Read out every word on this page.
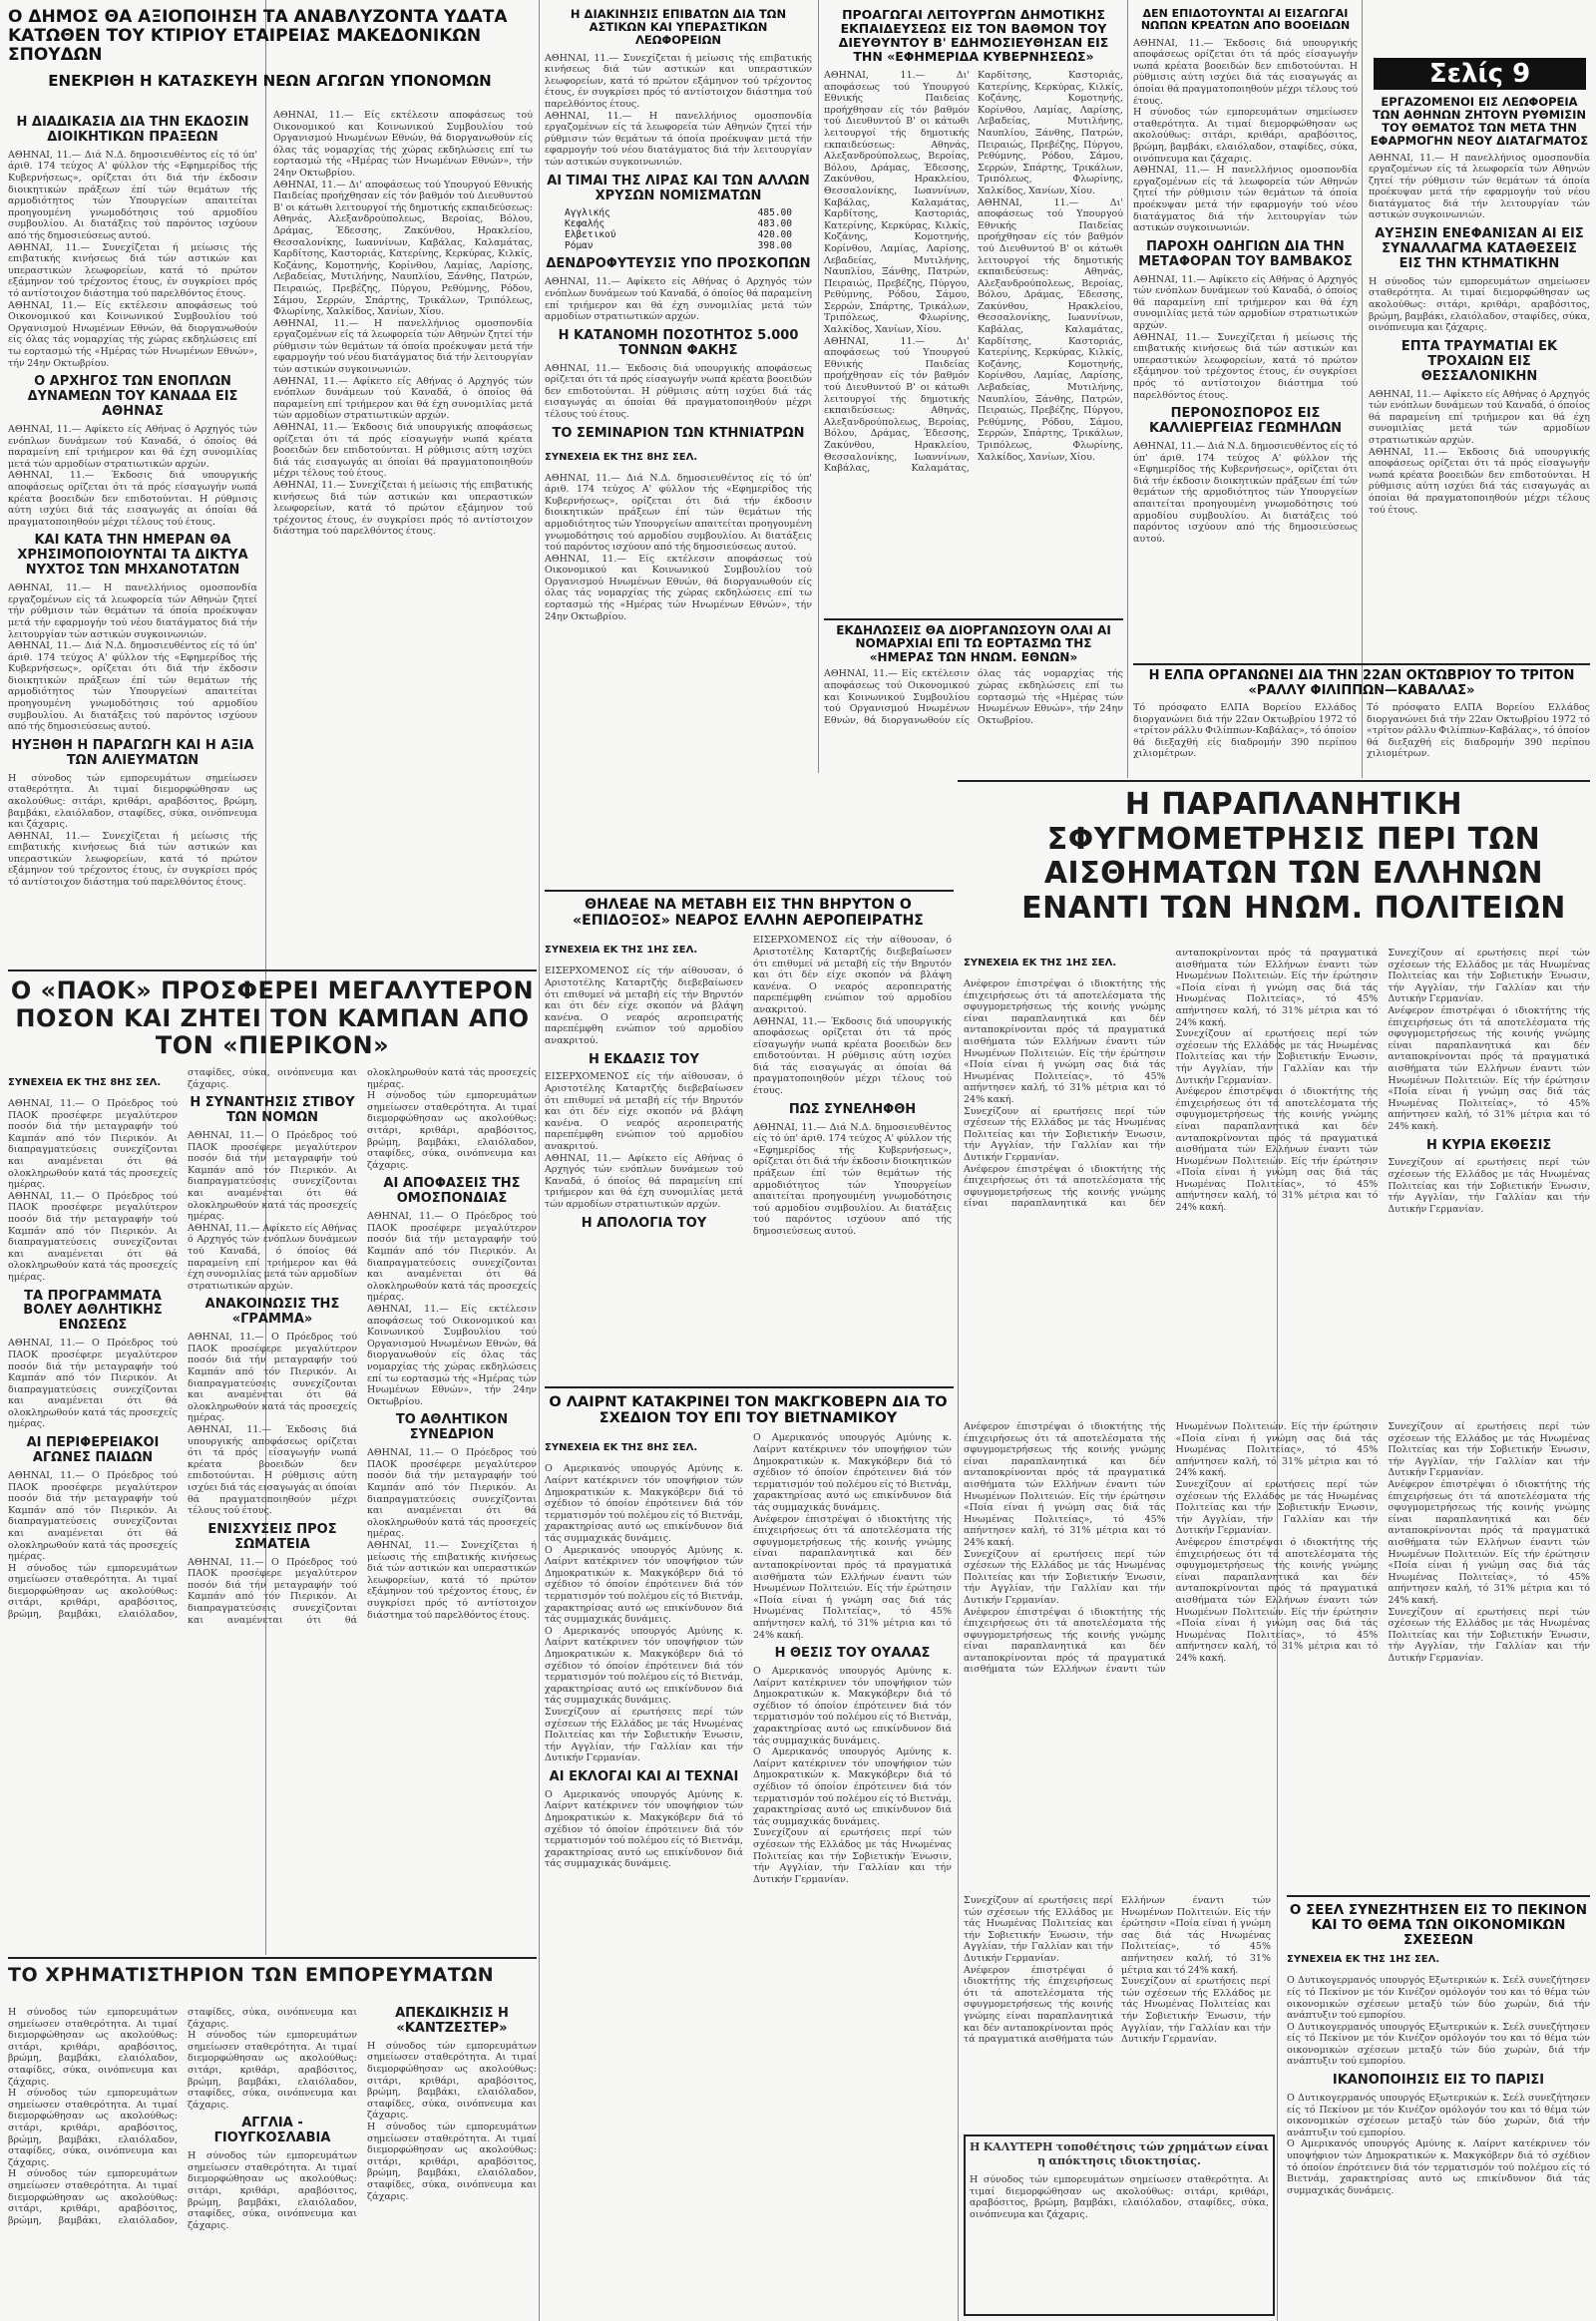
Σελίς 9

Ο ΔΗΜΟΣ ΘΑ ΑΞΙΟΠΟΙΗΣΗ ΤΑ ΑΝΑΒΛΥΖΟΝΤΑ ΥΔΑΤΑ ΚΑΤΩΘΕΝ ΤΟΥ ΚΤΙΡΙΟΥ ΕΤΑΙΡΕΙΑΣ ΜΑΚΕΔΟΝΙΚΩΝ ΣΠΟΥΔΩΝ

ΕΝΕΚΡΙΘΗ Η ΚΑΤΑΣΚΕΥΗ ΝΕΩΝ ΑΓΩΓΩΝ ΥΠΟΝΟΜΩΝ

Η ΔΙΑΔΙΚΑΣΙΑ ΔΙΑ ΤΗΝ ΕΚΔΟΣΙΝ ΔΙΟΙΚΗΤΙΚΩΝ ΠΡΑΞΕΩΝ

ΑΘΗΝΑΙ, 11.— Διά Ν.Δ. δημοσιευθέντος είς τό ύπ' άριθ. 174 τεύχος Α' φύλλον τής «Εφημερίδος τής Κυβερνήσεως», ορίζεται ότι διά τήν έκδοσιν διοικητικών πράξεων έπί τών θεμάτων τής αρμοδιότητος τών Υπουργείων απαιτείται προηγουμένη γνωμοδότησις τού αρμοδίου συμβουλίου. Αι διατάξεις τού παρόντος ισχύουν από τής δημοσιεύσεως αυτού.

ΑΘΗΝΑΙ, 11.— Συνεχίζεται ή μείωσις τής επιβατικής κινήσεως διά τών αστικών και υπεραστικών λεωφορείων, κατά τό πρώτον εξάμηνον τού τρέχοντος έτους, έν συγκρίσει πρός τό αντίστοιχον διάστημα τού παρελθόντος έτους.

ΑΘΗΝΑΙ, 11.— Είς εκτέλεσιν αποφάσεως τού Οικονομικού και Κοινωνικού Συμβουλίου τού Οργανισμού Ηνωμένων Εθνών, θά διοργανωθούν είς όλας τάς νομαρχίας τής χώρας εκδηλώσεις επί τω εορτασμώ τής «Ημέρας τών Ηνωμένων Εθνών», τήν 24ην Οκτωβρίου.

Ο ΑΡΧΗΓΟΣ ΤΩΝ ΕΝΟΠΛΩΝ ΔΥΝΑΜΕΩΝ ΤΟΥ ΚΑΝΑΔΑ ΕΙΣ ΑΘΗΝΑΣ

ΑΘΗΝΑΙ, 11.— Αφίκετο είς Αθήνας ό Αρχηγός τών ενόπλων δυνάμεων τού Καναδά, ό όποίος θά παραμείνη επί τριήμερον και θά έχη συνομιλίας μετά τών αρμοδίων στρατιωτικών αρχών.

ΑΘΗΝΑΙ, 11.— Έκδοσις διά υπουργικής αποφάσεως ορίζεται ότι τά πρός είσαγωγήν νωπά κρέατα βοοειδών δεν επιδοτούνται. Η ρύθμισις αύτη ισχύει διά τάς εισαγωγάς αι όποίαι θά πραγματοποιηθούν μέχρι τέλους τού έτους.

ΚΑΙ ΚΑΤΑ ΤΗΝ ΗΜΕΡΑΝ ΘΑ ΧΡΗΣΙΜΟΠΟΙΟΥΝΤΑΙ ΤΑ ΔΙΚΤΥΑ ΝΥΧΤΟΣ ΤΩΝ ΜΗΧΑΝΟΤΑΤΩΝ

ΑΘΗΝΑΙ, 11.— Η πανελλήνιος ομοσπονδία εργαζομένων είς τά λεωφορεία τών Αθηνών ζητεί τήν ρύθμισιν τών θεμάτων τά όποία προέκυψαν μετά τήν εφαρμογήν τού νέου διατάγματος διά τήν λειτουργίαν τών αστικών συγκοινωνιών.

ΑΘΗΝΑΙ, 11.— Διά Ν.Δ. δημοσιευθέντος είς τό ύπ' άριθ. 174 τεύχος Α' φύλλον τής «Εφημερίδος τής Κυβερνήσεως», ορίζεται ότι διά τήν έκδοσιν διοικητικών πράξεων έπί τών θεμάτων τής αρμοδιότητος τών Υπουργείων απαιτείται προηγουμένη γνωμοδότησις τού αρμοδίου συμβουλίου. Αι διατάξεις τού παρόντος ισχύουν από τής δημοσιεύσεως αυτού.

ΗΥΞΗΘΗ Η ΠΑΡΑΓΩΓΗ ΚΑΙ Η ΑΞΙΑ ΤΩΝ ΑΛΙΕΥΜΑΤΩΝ

Η σύνοδος τών εμπορευμάτων σημείωσεν σταθερότητα. Αι τιμαί διεμορφώθησαν ως ακολούθως: σιτάρι, κριθάρι, αραβόσιτος, βρώμη, βαμβάκι, ελαιόλαδον, σταφίδες, σύκα, οινόπνευμα και ζάχαρις.

ΑΘΗΝΑΙ, 11.— Συνεχίζεται ή μείωσις τής επιβατικής κινήσεως διά τών αστικών και υπεραστικών λεωφορείων, κατά τό πρώτον εξάμηνον τού τρέχοντος έτους, έν συγκρίσει πρός τό αντίστοιχον διάστημα τού παρελθόντος έτους.

ΑΘΗΝΑΙ, 11.— Είς εκτέλεσιν αποφάσεως τού Οικονομικού και Κοινωνικού Συμβουλίου τού Οργανισμού Ηνωμένων Εθνών, θά διοργανωθούν είς όλας τάς νομαρχίας τής χώρας εκδηλώσεις επί τω εορτασμώ τής «Ημέρας τών Ηνωμένων Εθνών», τήν 24ην Οκτωβρίου.

ΑΘΗΝΑΙ, 11.— Δι' αποφάσεως τού Υπουργού Εθνικής Παιδείας προήχθησαν είς τόν βαθμόν τού Διευθυντού Β' οι κάτωθι λειτουργοί τής δημοτικής εκπαιδεύσεως: Αθηνάς, Αλεξανδρούπολεως, Βεροίας, Βόλου, Δράμας, Έδεσσης, Ζακύνθου, Ηρακλείου, Θεσσαλονίκης, Ιωαννίνων, Καβάλας, Καλαμάτας, Καρδίτσης, Καστοριάς, Κατερίνης, Κερκύρας, Κιλκίς, Κοζάνης, Κομοτηνής, Κορίνθου, Λαμίας, Λαρίσης, Λεβαδείας, Μυτιλήνης, Ναυπλίου, Ξάνθης, Πατρών, Πειραιώς, Πρεβέζης, Πύργου, Ρεθύμνης, Ρόδου, Σάμου, Σερρών, Σπάρτης, Τρικάλων, Τριπόλεως, Φλωρίνης, Χαλκίδος, Χανίων, Χίου.

ΑΘΗΝΑΙ, 11.— Η πανελλήνιος ομοσπονδία εργαζομένων είς τά λεωφορεία τών Αθηνών ζητεί τήν ρύθμισιν τών θεμάτων τά όποία προέκυψαν μετά τήν εφαρμογήν τού νέου διατάγματος διά τήν λειτουργίαν τών αστικών συγκοινωνιών.

ΑΘΗΝΑΙ, 11.— Αφίκετο είς Αθήνας ό Αρχηγός τών ενόπλων δυνάμεων τού Καναδά, ό όποίος θά παραμείνη επί τριήμερον και θά έχη συνομιλίας μετά τών αρμοδίων στρατιωτικών αρχών.

ΑΘΗΝΑΙ, 11.— Έκδοσις διά υπουργικής αποφάσεως ορίζεται ότι τά πρός είσαγωγήν νωπά κρέατα βοοειδών δεν επιδοτούνται. Η ρύθμισις αύτη ισχύει διά τάς εισαγωγάς αι όποίαι θά πραγματοποιηθούν μέχρι τέλους τού έτους.

ΑΘΗΝΑΙ, 11.— Συνεχίζεται ή μείωσις τής επιβατικής κινήσεως διά τών αστικών και υπεραστικών λεωφορείων, κατά τό πρώτον εξάμηνον τού τρέχοντος έτους, έν συγκρίσει πρός τό αντίστοιχον διάστημα τού παρελθόντος έτους.

Η ΔΙΑΚΙΝΗΣΙΣ ΕΠΙΒΑΤΩΝ ΔΙΑ ΤΩΝ ΑΣΤΙΚΩΝ ΚΑΙ ΥΠΕΡΑΣΤΙΚΩΝ ΛΕΩΦΟΡΕΙΩΝ

ΑΘΗΝΑΙ, 11.— Συνεχίζεται ή μείωσις τής επιβατικής κινήσεως διά τών αστικών και υπεραστικών λεωφορείων, κατά τό πρώτον εξάμηνον τού τρέχοντος έτους, έν συγκρίσει πρός τό αντίστοιχον διάστημα τού παρελθόντος έτους.

ΑΘΗΝΑΙ, 11.— Η πανελλήνιος ομοσπονδία εργαζομένων είς τά λεωφορεία τών Αθηνών ζητεί τήν ρύθμισιν τών θεμάτων τά όποία προέκυψαν μετά τήν εφαρμογήν τού νέου διατάγματος διά τήν λειτουργίαν τών αστικών συγκοινωνιών.

ΑΙ ΤΙΜΑΙ ΤΗΣ ΛΙΡΑΣ ΚΑΙ ΤΩΝ ΑΛΛΩΝ ΧΡΥΣΩΝ ΝΟΜΙΣΜΑΤΩΝ

Αγγλικής	485.00
Κεφαλής	483.00
Ελβετικού	420.00
Ρόμαν	398.00

ΔΕΝΔΡΟΦΥΤΕΥΣΙΣ ΥΠΟ ΠΡΟΣΚΟΠΩΝ

ΑΘΗΝΑΙ, 11.— Αφίκετο είς Αθήνας ό Αρχηγός τών ενόπλων δυνάμεων τού Καναδά, ό όποίος θά παραμείνη επί τριήμερον και θά έχη συνομιλίας μετά τών αρμοδίων στρατιωτικών αρχών.

Η ΚΑΤΑΝΟΜΗ ΠΟΣΟΤΗΤΟΣ 5.000 ΤΟΝΝΩΝ ΦΑΚΗΣ

ΑΘΗΝΑΙ, 11.— Έκδοσις διά υπουργικής αποφάσεως ορίζεται ότι τά πρός είσαγωγήν νωπά κρέατα βοοειδών δεν επιδοτούνται. Η ρύθμισις αύτη ισχύει διά τάς εισαγωγάς αι όποίαι θά πραγματοποιηθούν μέχρι τέλους τού έτους.

ΤΟ ΣΕΜΙΝΑΡΙΟΝ ΤΩΝ ΚΤΗΝΙΑΤΡΩΝ

ΣΥΝΕΧΕΙΑ ΕΚ ΤΗΣ 8ΗΣ ΣΕΛ.

ΑΘΗΝΑΙ, 11.— Διά Ν.Δ. δημοσιευθέντος είς τό ύπ' άριθ. 174 τεύχος Α' φύλλον τής «Εφημερίδος τής Κυβερνήσεως», ορίζεται ότι διά τήν έκδοσιν διοικητικών πράξεων έπί τών θεμάτων τής αρμοδιότητος τών Υπουργείων απαιτείται προηγουμένη γνωμοδότησις τού αρμοδίου συμβουλίου. Αι διατάξεις τού παρόντος ισχύουν από τής δημοσιεύσεως αυτού.

ΑΘΗΝΑΙ, 11.— Είς εκτέλεσιν αποφάσεως τού Οικονομικού και Κοινωνικού Συμβουλίου τού Οργανισμού Ηνωμένων Εθνών, θά διοργανωθούν είς όλας τάς νομαρχίας τής χώρας εκδηλώσεις επί τω εορτασμώ τής «Ημέρας τών Ηνωμένων Εθνών», τήν 24ην Οκτωβρίου.

ΠΡΟΑΓΩΓΑΙ ΛΕΙΤΟΥΡΓΩΝ ΔΗΜΟΤΙΚΗΣ ΕΚΠΑΙΔΕΥΣΕΩΣ ΕΙΣ ΤΟΝ ΒΑΘΜΟΝ ΤΟΥ ΔΙΕΥΘΥΝΤΟΥ Β' ΕΔΗΜΟΣΙΕΥΘΗΣΑΝ ΕΙΣ ΤΗΝ «ΕΦΗΜΕΡΙΔΑ ΚΥΒΕΡΝΗΣΕΩΣ»

ΑΘΗΝΑΙ, 11.— Δι' αποφάσεως τού Υπουργού Εθνικής Παιδείας προήχθησαν είς τόν βαθμόν τού Διευθυντού Β' οι κάτωθι λειτουργοί τής δημοτικής εκπαιδεύσεως: Αθηνάς, Αλεξανδρούπολεως, Βεροίας, Βόλου, Δράμας, Έδεσσης, Ζακύνθου, Ηρακλείου, Θεσσαλονίκης, Ιωαννίνων, Καβάλας, Καλαμάτας, Καρδίτσης, Καστοριάς, Κατερίνης, Κερκύρας, Κιλκίς, Κοζάνης, Κομοτηνής, Κορίνθου, Λαμίας, Λαρίσης, Λεβαδείας, Μυτιλήνης, Ναυπλίου, Ξάνθης, Πατρών, Πειραιώς, Πρεβέζης, Πύργου, Ρεθύμνης, Ρόδου, Σάμου, Σερρών, Σπάρτης, Τρικάλων, Τριπόλεως, Φλωρίνης, Χαλκίδος, Χανίων, Χίου.

ΑΘΗΝΑΙ, 11.— Δι' αποφάσεως τού Υπουργού Εθνικής Παιδείας προήχθησαν είς τόν βαθμόν τού Διευθυντού Β' οι κάτωθι λειτουργοί τής δημοτικής εκπαιδεύσεως: Αθηνάς, Αλεξανδρούπολεως, Βεροίας, Βόλου, Δράμας, Έδεσσης, Ζακύνθου, Ηρακλείου, Θεσσαλονίκης, Ιωαννίνων, Καβάλας, Καλαμάτας, Καρδίτσης, Καστοριάς, Κατερίνης, Κερκύρας, Κιλκίς, Κοζάνης, Κομοτηνής, Κορίνθου, Λαμίας, Λαρίσης, Λεβαδείας, Μυτιλήνης, Ναυπλίου, Ξάνθης, Πατρών, Πειραιώς, Πρεβέζης, Πύργου, Ρεθύμνης, Ρόδου, Σάμου, Σερρών, Σπάρτης, Τρικάλων, Τριπόλεως, Φλωρίνης, Χαλκίδος, Χανίων, Χίου.

ΑΘΗΝΑΙ, 11.— Δι' αποφάσεως τού Υπουργού Εθνικής Παιδείας προήχθησαν είς τόν βαθμόν τού Διευθυντού Β' οι κάτωθι λειτουργοί τής δημοτικής εκπαιδεύσεως: Αθηνάς, Αλεξανδρούπολεως, Βεροίας, Βόλου, Δράμας, Έδεσσης, Ζακύνθου, Ηρακλείου, Θεσσαλονίκης, Ιωαννίνων, Καβάλας, Καλαμάτας, Καρδίτσης, Καστοριάς, Κατερίνης, Κερκύρας, Κιλκίς, Κοζάνης, Κομοτηνής, Κορίνθου, Λαμίας, Λαρίσης, Λεβαδείας, Μυτιλήνης, Ναυπλίου, Ξάνθης, Πατρών, Πειραιώς, Πρεβέζης, Πύργου, Ρεθύμνης, Ρόδου, Σάμου, Σερρών, Σπάρτης, Τρικάλων, Τριπόλεως, Φλωρίνης, Χαλκίδος, Χανίων, Χίου.

ΕΚΔΗΛΩΣΕΙΣ ΘΑ ΔΙΟΡΓΑΝΩΣΟΥΝ ΟΛΑΙ ΑΙ ΝΟΜΑΡΧΙΑΙ ΕΠΙ ΤΩ ΕΟΡΤΑΣΜΩ ΤΗΣ «ΗΜΕΡΑΣ ΤΩΝ ΗΝΩΜ. ΕΘΝΩΝ»

ΑΘΗΝΑΙ, 11.— Είς εκτέλεσιν αποφάσεως τού Οικονομικού και Κοινωνικού Συμβουλίου τού Οργανισμού Ηνωμένων Εθνών, θά διοργανωθούν είς όλας τάς νομαρχίας τής χώρας εκδηλώσεις επί τω εορτασμώ τής «Ημέρας τών Ηνωμένων Εθνών», τήν 24ην Οκτωβρίου.

ΔΕΝ ΕΠΙΔΟΤΟΥΝΤΑΙ ΑΙ ΕΙΣΑΓΩΓΑΙ ΝΩΠΩΝ ΚΡΕΑΤΩΝ ΑΠΟ ΒΟΟΕΙΔΩΝ

ΑΘΗΝΑΙ, 11.— Έκδοσις διά υπουργικής αποφάσεως ορίζεται ότι τά πρός είσαγωγήν νωπά κρέατα βοοειδών δεν επιδοτούνται. Η ρύθμισις αύτη ισχύει διά τάς εισαγωγάς αι όποίαι θά πραγματοποιηθούν μέχρι τέλους τού έτους.

Η σύνοδος τών εμπορευμάτων σημείωσεν σταθερότητα. Αι τιμαί διεμορφώθησαν ως ακολούθως: σιτάρι, κριθάρι, αραβόσιτος, βρώμη, βαμβάκι, ελαιόλαδον, σταφίδες, σύκα, οινόπνευμα και ζάχαρις.

ΑΘΗΝΑΙ, 11.— Η πανελλήνιος ομοσπονδία εργαζομένων είς τά λεωφορεία τών Αθηνών ζητεί τήν ρύθμισιν τών θεμάτων τά όποία προέκυψαν μετά τήν εφαρμογήν τού νέου διατάγματος διά τήν λειτουργίαν τών αστικών συγκοινωνιών.

ΠΑΡΟΧΗ ΟΔΗΓΙΩΝ ΔΙΑ ΤΗΝ ΜΕΤΑΦΟΡΑΝ ΤΟΥ ΒΑΜΒΑΚΟΣ

ΑΘΗΝΑΙ, 11.— Αφίκετο είς Αθήνας ό Αρχηγός τών ενόπλων δυνάμεων τού Καναδά, ό όποίος θά παραμείνη επί τριήμερον και θά έχη συνομιλίας μετά τών αρμοδίων στρατιωτικών αρχών.

ΑΘΗΝΑΙ, 11.— Συνεχίζεται ή μείωσις τής επιβατικής κινήσεως διά τών αστικών και υπεραστικών λεωφορείων, κατά τό πρώτον εξάμηνον τού τρέχοντος έτους, έν συγκρίσει πρός τό αντίστοιχον διάστημα τού παρελθόντος έτους.

ΠΕΡΟΝΟΣΠΟΡΟΣ ΕΙΣ ΚΑΛΛΙΕΡΓΕΙΑΣ ΓΕΩΜΗΛΩΝ

ΑΘΗΝΑΙ, 11.— Διά Ν.Δ. δημοσιευθέντος είς τό ύπ' άριθ. 174 τεύχος Α' φύλλον τής «Εφημερίδος τής Κυβερνήσεως», ορίζεται ότι διά τήν έκδοσιν διοικητικών πράξεων έπί τών θεμάτων τής αρμοδιότητος τών Υπουργείων απαιτείται προηγουμένη γνωμοδότησις τού αρμοδίου συμβουλίου. Αι διατάξεις τού παρόντος ισχύουν από τής δημοσιεύσεως αυτού.

ΕΡΓΑΖΟΜΕΝΟΙ ΕΙΣ ΛΕΩΦΟΡΕΙΑ ΤΩΝ ΑΘΗΝΩΝ ΖΗΤΟΥΝ ΡΥΘΜΙΣΙΝ ΤΟΥ ΘΕΜΑΤΟΣ ΤΩΝ ΜΕΤΑ ΤΗΝ ΕΦΑΡΜΟΓΗΝ ΝΕΟΥ ΔΙΑΤΑΓΜΑΤΟΣ

ΑΘΗΝΑΙ, 11.— Η πανελλήνιος ομοσπονδία εργαζομένων είς τά λεωφορεία τών Αθηνών ζητεί τήν ρύθμισιν τών θεμάτων τά όποία προέκυψαν μετά τήν εφαρμογήν τού νέου διατάγματος διά τήν λειτουργίαν τών αστικών συγκοινωνιών.

ΑΥΞΗΣΙΝ ΕΝΕΦΑΝΙΣΑΝ ΑΙ ΕΙΣ ΣΥΝΑΛΛΑΓΜΑ ΚΑΤΑΘΕΣΕΙΣ ΕΙΣ ΤΗΝ ΚΤΗΜΑΤΙΚΗΝ

Η σύνοδος τών εμπορευμάτων σημείωσεν σταθερότητα. Αι τιμαί διεμορφώθησαν ως ακολούθως: σιτάρι, κριθάρι, αραβόσιτος, βρώμη, βαμβάκι, ελαιόλαδον, σταφίδες, σύκα, οινόπνευμα και ζάχαρις.

ΕΠΤΑ ΤΡΑΥΜΑΤΙΑΙ ΕΚ ΤΡΟΧΑΙΩΝ ΕΙΣ ΘΕΣΣΑΛΟΝΙΚΗΝ

ΑΘΗΝΑΙ, 11.— Αφίκετο είς Αθήνας ό Αρχηγός τών ενόπλων δυνάμεων τού Καναδά, ό όποίος θά παραμείνη επί τριήμερον και θά έχη συνομιλίας μετά τών αρμοδίων στρατιωτικών αρχών.

ΑΘΗΝΑΙ, 11.— Έκδοσις διά υπουργικής αποφάσεως ορίζεται ότι τά πρός είσαγωγήν νωπά κρέατα βοοειδών δεν επιδοτούνται. Η ρύθμισις αύτη ισχύει διά τάς εισαγωγάς αι όποίαι θά πραγματοποιηθούν μέχρι τέλους τού έτους.

Η ΕΛΠΑ ΟΡΓΑΝΩΝΕΙ ΔΙΑ ΤΗΝ 22ΑΝ ΟΚΤΩΒΡΙΟΥ ΤΟ ΤΡΙΤΟΝ «ΡΑΛΛΥ ΦΙΛΙΠΠΩΝ—ΚΑΒΑΛΑΣ»

Τό πρόσφατο ΕΛΠΑ Βορείου Ελλάδος διοργανώνει διά τήν 22αν Οκτωβρίου 1972 τό «τρίτον ράλλυ Φιλίππων-Καβάλας», τό όποίον θά διεξαχθή είς διαδρομήν 390 περίπου χιλιομέτρων.

Τό πρόσφατο ΕΛΠΑ Βορείου Ελλάδος διοργανώνει διά τήν 22αν Οκτωβρίου 1972 τό «τρίτον ράλλυ Φιλίππων-Καβάλας», τό όποίον θά διεξαχθή είς διαδρομήν 390 περίπου χιλιομέτρων.

Η ΠΑΡΑΠΛΑΝΗΤΙΚΗ ΣΦΥΓΜΟΜΕΤΡΗΣΙΣ ΠΕΡΙ ΤΩΝ ΑΙΣΘΗΜΑΤΩΝ ΤΩΝ ΕΛΛΗΝΩΝ ΕΝΑΝΤΙ ΤΩΝ ΗΝΩΜ. ΠΟΛΙΤΕΙΩΝ

ΘΗΛΕΑΕ ΝΑ ΜΕΤΑΒΗ ΕΙΣ ΤΗΝ ΒΗΡΥΤΟΝ Ο «ΕΠΙΔΟΞΟΣ» ΝΕΑΡΟΣ ΕΛΛΗΝ ΑΕΡΟΠΕΙΡΑΤΗΣ

ΣΥΝΕΧΕΙΑ ΕΚ ΤΗΣ 1ΗΣ ΣΕΛ.

ΕΙΣΕΡΧΟΜΕΝΟΣ είς τήν αίθουσαν, ό Αριστοτέλης Καταρτζής διεβεβαίωσεν ότι επιθυμεί νά μεταβή είς τήν Βηρυτόν και ότι δέν είχε σκοπόν νά βλάψη κανένα. Ο νεαρός αεροπειρατής παρεπέμφθη ενώπιον τού αρμοδίου ανακριτού.

Η ΕΚΔΑΣΙΣ ΤΟΥ

ΕΙΣΕΡΧΟΜΕΝΟΣ είς τήν αίθουσαν, ό Αριστοτέλης Καταρτζής διεβεβαίωσεν ότι επιθυμεί νά μεταβή είς τήν Βηρυτόν και ότι δέν είχε σκοπόν νά βλάψη κανένα. Ο νεαρός αεροπειρατής παρεπέμφθη ενώπιον τού αρμοδίου ανακριτού.

ΑΘΗΝΑΙ, 11.— Αφίκετο είς Αθήνας ό Αρχηγός τών ενόπλων δυνάμεων τού Καναδά, ό όποίος θά παραμείνη επί τριήμερον και θά έχη συνομιλίας μετά τών αρμοδίων στρατιωτικών αρχών.

Η ΑΠΟΛΟΓΙΑ ΤΟΥ

ΕΙΣΕΡΧΟΜΕΝΟΣ είς τήν αίθουσαν, ό Αριστοτέλης Καταρτζής διεβεβαίωσεν ότι επιθυμεί νά μεταβή είς τήν Βηρυτόν και ότι δέν είχε σκοπόν νά βλάψη κανένα. Ο νεαρός αεροπειρατής παρεπέμφθη ενώπιον τού αρμοδίου ανακριτού.

ΑΘΗΝΑΙ, 11.— Έκδοσις διά υπουργικής αποφάσεως ορίζεται ότι τά πρός είσαγωγήν νωπά κρέατα βοοειδών δεν επιδοτούνται. Η ρύθμισις αύτη ισχύει διά τάς εισαγωγάς αι όποίαι θά πραγματοποιηθούν μέχρι τέλους τού έτους.

ΠΩΣ ΣΥΝΕΛΗΦΘΗ

ΑΘΗΝΑΙ, 11.— Διά Ν.Δ. δημοσιευθέντος είς τό ύπ' άριθ. 174 τεύχος Α' φύλλον τής «Εφημερίδος τής Κυβερνήσεως», ορίζεται ότι διά τήν έκδοσιν διοικητικών πράξεων έπί τών θεμάτων τής αρμοδιότητος τών Υπουργείων απαιτείται προηγουμένη γνωμοδότησις τού αρμοδίου συμβουλίου. Αι διατάξεις τού παρόντος ισχύουν από τής δημοσιεύσεως αυτού.

ΣΥΝΕΧΕΙΑ ΕΚ ΤΗΣ 1ΗΣ ΣΕΛ.

Ανέφερον έπιστρέψαι ό ιδιοκτήτης τής έπιχειρήσεως ότι τά αποτελέσματα τής σφυγμομετρήσεως τής κοινής γνώμης είναι παραπλανητικά και δέν ανταποκρίνονται πρός τά πραγματικά αισθήματα τών Ελλήνων έναντι τών Ηνωμένων Πολιτειών. Είς τήν έρώτησιν «Ποία είναι ή γνώμη σας διά τάς Ηνωμένας Πολιτείας», τό 45% απήντησεν καλή, τό 31% μέτρια και τό 24% κακή.

Συνεχίζουν αί ερωτήσεις περί τών σχέσεων τής Ελλάδος με τάς Ηνωμένας Πολιτείας και τήν Σοβιετικήν Ένωσιν, τήν Αγγλίαν, τήν Γαλλίαν και τήν Δυτικήν Γερμανίαν.

Ανέφερον έπιστρέψαι ό ιδιοκτήτης τής έπιχειρήσεως ότι τά αποτελέσματα τής σφυγμομετρήσεως τής κοινής γνώμης είναι παραπλανητικά και δέν ανταποκρίνονται πρός τά πραγματικά αισθήματα τών Ελλήνων έναντι τών Ηνωμένων Πολιτειών. Είς τήν έρώτησιν «Ποία είναι ή γνώμη σας διά τάς Ηνωμένας Πολιτείας», τό 45% απήντησεν καλή, τό 31% μέτρια και τό 24% κακή.

Συνεχίζουν αί ερωτήσεις περί τών σχέσεων τής Ελλάδος με τάς Ηνωμένας Πολιτείας και τήν Σοβιετικήν Ένωσιν, τήν Αγγλίαν, τήν Γαλλίαν και τήν Δυτικήν Γερμανίαν.

Ανέφερον έπιστρέψαι ό ιδιοκτήτης τής έπιχειρήσεως ότι τά αποτελέσματα τής σφυγμομετρήσεως τής κοινής γνώμης είναι παραπλανητικά και δέν ανταποκρίνονται πρός τά πραγματικά αισθήματα τών Ελλήνων έναντι τών Ηνωμένων Πολιτειών. Είς τήν έρώτησιν «Ποία είναι ή γνώμη σας διά τάς Ηνωμένας Πολιτείας», τό 45% απήντησεν καλή, τό 31% μέτρια και τό 24% κακή.

Συνεχίζουν αί ερωτήσεις περί τών σχέσεων τής Ελλάδος με τάς Ηνωμένας Πολιτείας και τήν Σοβιετικήν Ένωσιν, τήν Αγγλίαν, τήν Γαλλίαν και τήν Δυτικήν Γερμανίαν.

Ανέφερον έπιστρέψαι ό ιδιοκτήτης τής έπιχειρήσεως ότι τά αποτελέσματα τής σφυγμομετρήσεως τής κοινής γνώμης είναι παραπλανητικά και δέν ανταποκρίνονται πρός τά πραγματικά αισθήματα τών Ελλήνων έναντι τών Ηνωμένων Πολιτειών. Είς τήν έρώτησιν «Ποία είναι ή γνώμη σας διά τάς Ηνωμένας Πολιτείας», τό 45% απήντησεν καλή, τό 31% μέτρια και τό 24% κακή.

Η ΚΥΡΙΑ ΕΚΘΕΣΙΣ

Συνεχίζουν αί ερωτήσεις περί τών σχέσεων τής Ελλάδος με τάς Ηνωμένας Πολιτείας και τήν Σοβιετικήν Ένωσιν, τήν Αγγλίαν, τήν Γαλλίαν και τήν Δυτικήν Γερμανίαν.

Ο «ΠΑΟΚ» ΠΡΟΣΦΕΡΕΙ ΜΕΓΑΛΥΤΕΡΟΝ ΠΟΣΟΝ ΚΑΙ ΖΗΤΕΙ ΤΟΝ ΚΑΜΠΑΝ ΑΠΟ ΤΟΝ «ΠΙΕΡΙΚΟΝ»

ΣΥΝΕΧΕΙΑ ΕΚ ΤΗΣ 8ΗΣ ΣΕΛ.

ΑΘΗΝΑΙ, 11.— Ο Πρόεδρος τού ΠΑΟΚ προσέφερε μεγαλύτερον ποσόν διά τήν μεταγραφήν τού Καμπάν από τόν Πιερικόν. Αι διαπραγματεύσεις συνεχίζονται και αναμένεται ότι θά ολοκληρωθούν κατά τάς προσεχείς ημέρας.

ΑΘΗΝΑΙ, 11.— Ο Πρόεδρος τού ΠΑΟΚ προσέφερε μεγαλύτερον ποσόν διά τήν μεταγραφήν τού Καμπάν από τόν Πιερικόν. Αι διαπραγματεύσεις συνεχίζονται και αναμένεται ότι θά ολοκληρωθούν κατά τάς προσεχείς ημέρας.

ΤΑ ΠΡΟΓΡΑΜΜΑΤΑ ΒΟΛΕΥ ΑΘΛΗΤΙΚΗΣ ΕΝΩΣΕΩΣ

ΑΘΗΝΑΙ, 11.— Ο Πρόεδρος τού ΠΑΟΚ προσέφερε μεγαλύτερον ποσόν διά τήν μεταγραφήν τού Καμπάν από τόν Πιερικόν. Αι διαπραγματεύσεις συνεχίζονται και αναμένεται ότι θά ολοκληρωθούν κατά τάς προσεχείς ημέρας.

ΑΙ ΠΕΡΙΦΕΡΕΙΑΚΟΙ ΑΓΩΝΕΣ ΠΑΙΔΩΝ

ΑΘΗΝΑΙ, 11.— Ο Πρόεδρος τού ΠΑΟΚ προσέφερε μεγαλύτερον ποσόν διά τήν μεταγραφήν τού Καμπάν από τόν Πιερικόν. Αι διαπραγματεύσεις συνεχίζονται και αναμένεται ότι θά ολοκληρωθούν κατά τάς προσεχείς ημέρας.

Η σύνοδος τών εμπορευμάτων σημείωσεν σταθερότητα. Αι τιμαί διεμορφώθησαν ως ακολούθως: σιτάρι, κριθάρι, αραβόσιτος, βρώμη, βαμβάκι, ελαιόλαδον, σταφίδες, σύκα, οινόπνευμα και ζάχαρις.

Η ΣΥΝΑΝΤΗΣΙΣ ΣΤΙΒΟΥ ΤΩΝ ΝΟΜΩΝ

ΑΘΗΝΑΙ, 11.— Ο Πρόεδρος τού ΠΑΟΚ προσέφερε μεγαλύτερον ποσόν διά τήν μεταγραφήν τού Καμπάν από τόν Πιερικόν. Αι διαπραγματεύσεις συνεχίζονται και αναμένεται ότι θά ολοκληρωθούν κατά τάς προσεχείς ημέρας.

ΑΘΗΝΑΙ, 11.— Αφίκετο είς Αθήνας ό Αρχηγός τών ενόπλων δυνάμεων τού Καναδά, ό όποίος θά παραμείνη επί τριήμερον και θά έχη συνομιλίας μετά τών αρμοδίων στρατιωτικών αρχών.

ΑΝΑΚΟΙΝΩΣΙΣ ΤΗΣ «ΓΡΑΜΜΑ»

ΑΘΗΝΑΙ, 11.— Ο Πρόεδρος τού ΠΑΟΚ προσέφερε μεγαλύτερον ποσόν διά τήν μεταγραφήν τού Καμπάν από τόν Πιερικόν. Αι διαπραγματεύσεις συνεχίζονται και αναμένεται ότι θά ολοκληρωθούν κατά τάς προσεχείς ημέρας.

ΑΘΗΝΑΙ, 11.— Έκδοσις διά υπουργικής αποφάσεως ορίζεται ότι τά πρός είσαγωγήν νωπά κρέατα βοοειδών δεν επιδοτούνται. Η ρύθμισις αύτη ισχύει διά τάς εισαγωγάς αι όποίαι θά πραγματοποιηθούν μέχρι τέλους τού έτους.

ΕΝΙΣΧΥΣΕΙΣ ΠΡΟΣ ΣΩΜΑΤΕΙΑ

ΑΘΗΝΑΙ, 11.— Ο Πρόεδρος τού ΠΑΟΚ προσέφερε μεγαλύτερον ποσόν διά τήν μεταγραφήν τού Καμπάν από τόν Πιερικόν. Αι διαπραγματεύσεις συνεχίζονται και αναμένεται ότι θά ολοκληρωθούν κατά τάς προσεχείς ημέρας.

Η σύνοδος τών εμπορευμάτων σημείωσεν σταθερότητα. Αι τιμαί διεμορφώθησαν ως ακολούθως: σιτάρι, κριθάρι, αραβόσιτος, βρώμη, βαμβάκι, ελαιόλαδον, σταφίδες, σύκα, οινόπνευμα και ζάχαρις.

ΑΙ ΑΠΟΦΑΣΕΙΣ ΤΗΣ ΟΜΟΣΠΟΝΔΙΑΣ

ΑΘΗΝΑΙ, 11.— Ο Πρόεδρος τού ΠΑΟΚ προσέφερε μεγαλύτερον ποσόν διά τήν μεταγραφήν τού Καμπάν από τόν Πιερικόν. Αι διαπραγματεύσεις συνεχίζονται και αναμένεται ότι θά ολοκληρωθούν κατά τάς προσεχείς ημέρας.

ΑΘΗΝΑΙ, 11.— Είς εκτέλεσιν αποφάσεως τού Οικονομικού και Κοινωνικού Συμβουλίου τού Οργανισμού Ηνωμένων Εθνών, θά διοργανωθούν είς όλας τάς νομαρχίας τής χώρας εκδηλώσεις επί τω εορτασμώ τής «Ημέρας τών Ηνωμένων Εθνών», τήν 24ην Οκτωβρίου.

ΤΟ ΑΘΛΗΤΙΚΟΝ ΣΥΝΕΔΡΙΟΝ

ΑΘΗΝΑΙ, 11.— Ο Πρόεδρος τού ΠΑΟΚ προσέφερε μεγαλύτερον ποσόν διά τήν μεταγραφήν τού Καμπάν από τόν Πιερικόν. Αι διαπραγματεύσεις συνεχίζονται και αναμένεται ότι θά ολοκληρωθούν κατά τάς προσεχείς ημέρας.

ΑΘΗΝΑΙ, 11.— Συνεχίζεται ή μείωσις τής επιβατικής κινήσεως διά τών αστικών και υπεραστικών λεωφορείων, κατά τό πρώτον εξάμηνον τού τρέχοντος έτους, έν συγκρίσει πρός τό αντίστοιχον διάστημα τού παρελθόντος έτους.

Ο ΛΑΙΡΝΤ ΚΑΤΑΚΡΙΝΕΙ ΤΟΝ ΜΑΚΓΚΟΒΕΡΝ ΔΙΑ ΤΟ ΣΧΕΔΙΟΝ ΤΟΥ ΕΠΙ ΤΟΥ ΒΙΕΤΝΑΜΙΚΟΥ

ΣΥΝΕΧΕΙΑ ΕΚ ΤΗΣ 8ΗΣ ΣΕΛ.

Ο Αμερικανός υπουργός Αμύνης κ. Λαίρντ κατέκρινεν τόν υποψήφιον τών Δημοκρατικών κ. Μακγκόβερν διά τό σχέδιον τό όποίον έπρότεινεν διά τόν τερματισμόν τού πολέμου είς τό Βιετνάμ, χαρακτηρίσας αυτό ως επικίνδυνον διά τάς συμμαχικάς δυνάμεις.

Ο Αμερικανός υπουργός Αμύνης κ. Λαίρντ κατέκρινεν τόν υποψήφιον τών Δημοκρατικών κ. Μακγκόβερν διά τό σχέδιον τό όποίον έπρότεινεν διά τόν τερματισμόν τού πολέμου είς τό Βιετνάμ, χαρακτηρίσας αυτό ως επικίνδυνον διά τάς συμμαχικάς δυνάμεις.

Ο Αμερικανός υπουργός Αμύνης κ. Λαίρντ κατέκρινεν τόν υποψήφιον τών Δημοκρατικών κ. Μακγκόβερν διά τό σχέδιον τό όποίον έπρότεινεν διά τόν τερματισμόν τού πολέμου είς τό Βιετνάμ, χαρακτηρίσας αυτό ως επικίνδυνον διά τάς συμμαχικάς δυνάμεις.

Συνεχίζουν αί ερωτήσεις περί τών σχέσεων τής Ελλάδος με τάς Ηνωμένας Πολιτείας και τήν Σοβιετικήν Ένωσιν, τήν Αγγλίαν, τήν Γαλλίαν και τήν Δυτικήν Γερμανίαν.

ΑΙ ΕΚΛΟΓΑΙ ΚΑΙ ΑΙ ΤΕΧΝΑΙ

Ο Αμερικανός υπουργός Αμύνης κ. Λαίρντ κατέκρινεν τόν υποψήφιον τών Δημοκρατικών κ. Μακγκόβερν διά τό σχέδιον τό όποίον έπρότεινεν διά τόν τερματισμόν τού πολέμου είς τό Βιετνάμ, χαρακτηρίσας αυτό ως επικίνδυνον διά τάς συμμαχικάς δυνάμεις.

Ο Αμερικανός υπουργός Αμύνης κ. Λαίρντ κατέκρινεν τόν υποψήφιον τών Δημοκρατικών κ. Μακγκόβερν διά τό σχέδιον τό όποίον έπρότεινεν διά τόν τερματισμόν τού πολέμου είς τό Βιετνάμ, χαρακτηρίσας αυτό ως επικίνδυνον διά τάς συμμαχικάς δυνάμεις.

Ανέφερον έπιστρέψαι ό ιδιοκτήτης τής έπιχειρήσεως ότι τά αποτελέσματα τής σφυγμομετρήσεως τής κοινής γνώμης είναι παραπλανητικά και δέν ανταποκρίνονται πρός τά πραγματικά αισθήματα τών Ελλήνων έναντι τών Ηνωμένων Πολιτειών. Είς τήν έρώτησιν «Ποία είναι ή γνώμη σας διά τάς Ηνωμένας Πολιτείας», τό 45% απήντησεν καλή, τό 31% μέτρια και τό 24% κακή.

Η ΘΕΣΙΣ ΤΟΥ ΟΥΑΛΑΣ

Ο Αμερικανός υπουργός Αμύνης κ. Λαίρντ κατέκρινεν τόν υποψήφιον τών Δημοκρατικών κ. Μακγκόβερν διά τό σχέδιον τό όποίον έπρότεινεν διά τόν τερματισμόν τού πολέμου είς τό Βιετνάμ, χαρακτηρίσας αυτό ως επικίνδυνον διά τάς συμμαχικάς δυνάμεις.

Ο Αμερικανός υπουργός Αμύνης κ. Λαίρντ κατέκρινεν τόν υποψήφιον τών Δημοκρατικών κ. Μακγκόβερν διά τό σχέδιον τό όποίον έπρότεινεν διά τόν τερματισμόν τού πολέμου είς τό Βιετνάμ, χαρακτηρίσας αυτό ως επικίνδυνον διά τάς συμμαχικάς δυνάμεις.

Συνεχίζουν αί ερωτήσεις περί τών σχέσεων τής Ελλάδος με τάς Ηνωμένας Πολιτείας και τήν Σοβιετικήν Ένωσιν, τήν Αγγλίαν, τήν Γαλλίαν και τήν Δυτικήν Γερμανίαν.

Ανέφερον έπιστρέψαι ό ιδιοκτήτης τής έπιχειρήσεως ότι τά αποτελέσματα τής σφυγμομετρήσεως τής κοινής γνώμης είναι παραπλανητικά και δέν ανταποκρίνονται πρός τά πραγματικά αισθήματα τών Ελλήνων έναντι τών Ηνωμένων Πολιτειών. Είς τήν έρώτησιν «Ποία είναι ή γνώμη σας διά τάς Ηνωμένας Πολιτείας», τό 45% απήντησεν καλή, τό 31% μέτρια και τό 24% κακή.

Συνεχίζουν αί ερωτήσεις περί τών σχέσεων τής Ελλάδος με τάς Ηνωμένας Πολιτείας και τήν Σοβιετικήν Ένωσιν, τήν Αγγλίαν, τήν Γαλλίαν και τήν Δυτικήν Γερμανίαν.

Ανέφερον έπιστρέψαι ό ιδιοκτήτης τής έπιχειρήσεως ότι τά αποτελέσματα τής σφυγμομετρήσεως τής κοινής γνώμης είναι παραπλανητικά και δέν ανταποκρίνονται πρός τά πραγματικά αισθήματα τών Ελλήνων έναντι τών Ηνωμένων Πολιτειών. Είς τήν έρώτησιν «Ποία είναι ή γνώμη σας διά τάς Ηνωμένας Πολιτείας», τό 45% απήντησεν καλή, τό 31% μέτρια και τό 24% κακή.

Συνεχίζουν αί ερωτήσεις περί τών σχέσεων τής Ελλάδος με τάς Ηνωμένας Πολιτείας και τήν Σοβιετικήν Ένωσιν, τήν Αγγλίαν, τήν Γαλλίαν και τήν Δυτικήν Γερμανίαν.

Ανέφερον έπιστρέψαι ό ιδιοκτήτης τής έπιχειρήσεως ότι τά αποτελέσματα τής σφυγμομετρήσεως τής κοινής γνώμης είναι παραπλανητικά και δέν ανταποκρίνονται πρός τά πραγματικά αισθήματα τών Ελλήνων έναντι τών Ηνωμένων Πολιτειών. Είς τήν έρώτησιν «Ποία είναι ή γνώμη σας διά τάς Ηνωμένας Πολιτείας», τό 45% απήντησεν καλή, τό 31% μέτρια και τό 24% κακή.

Συνεχίζουν αί ερωτήσεις περί τών σχέσεων τής Ελλάδος με τάς Ηνωμένας Πολιτείας και τήν Σοβιετικήν Ένωσιν, τήν Αγγλίαν, τήν Γαλλίαν και τήν Δυτικήν Γερμανίαν.

Ανέφερον έπιστρέψαι ό ιδιοκτήτης τής έπιχειρήσεως ότι τά αποτελέσματα τής σφυγμομετρήσεως τής κοινής γνώμης είναι παραπλανητικά και δέν ανταποκρίνονται πρός τά πραγματικά αισθήματα τών Ελλήνων έναντι τών Ηνωμένων Πολιτειών. Είς τήν έρώτησιν «Ποία είναι ή γνώμη σας διά τάς Ηνωμένας Πολιτείας», τό 45% απήντησεν καλή, τό 31% μέτρια και τό 24% κακή.

Συνεχίζουν αί ερωτήσεις περί τών σχέσεων τής Ελλάδος με τάς Ηνωμένας Πολιτείας και τήν Σοβιετικήν Ένωσιν, τήν Αγγλίαν, τήν Γαλλίαν και τήν Δυτικήν Γερμανίαν.

Ο ΣΕΕΛ ΣΥΝΕΖΗΤΗΣΕΝ ΕΙΣ ΤΟ ΠΕΚΙΝΟΝ ΚΑΙ ΤΟ ΘΕΜΑ ΤΩΝ ΟΙΚΟΝΟΜΙΚΩΝ ΣΧΕΣΕΩΝ

ΣΥΝΕΧΕΙΑ ΕΚ ΤΗΣ 1ΗΣ ΣΕΛ.

Ο Δυτικογερμανός υπουργός Εξωτερικών κ. Σεέλ συνεζήτησεν είς τό Πεκίνον με τόν Κινέζον ομόλογόν του και τό θέμα τών οικονομικών σχέσεων μεταξύ τών δύο χωρών, διά τήν ανάπτυξιν τού εμπορίου.

Ο Δυτικογερμανός υπουργός Εξωτερικών κ. Σεέλ συνεζήτησεν είς τό Πεκίνον με τόν Κινέζον ομόλογόν του και τό θέμα τών οικονομικών σχέσεων μεταξύ τών δύο χωρών, διά τήν ανάπτυξιν τού εμπορίου.

ΙΚΑΝΟΠΟΙΗΣΙΣ ΕΙΣ ΤΟ ΠΑΡΙΣΙ

Ο Δυτικογερμανός υπουργός Εξωτερικών κ. Σεέλ συνεζήτησεν είς τό Πεκίνον με τόν Κινέζον ομόλογόν του και τό θέμα τών οικονομικών σχέσεων μεταξύ τών δύο χωρών, διά τήν ανάπτυξιν τού εμπορίου.

Ο Αμερικανός υπουργός Αμύνης κ. Λαίρντ κατέκρινεν τόν υποψήφιον τών Δημοκρατικών κ. Μακγκόβερν διά τό σχέδιον τό όποίον έπρότεινεν διά τόν τερματισμόν τού πολέμου είς τό Βιετνάμ, χαρακτηρίσας αυτό ως επικίνδυνον διά τάς συμμαχικάς δυνάμεις.

Συνεχίζουν αί ερωτήσεις περί τών σχέσεων τής Ελλάδος με τάς Ηνωμένας Πολιτείας και τήν Σοβιετικήν Ένωσιν, τήν Αγγλίαν, τήν Γαλλίαν και τήν Δυτικήν Γερμανίαν.

Ανέφερον έπιστρέψαι ό ιδιοκτήτης τής έπιχειρήσεως ότι τά αποτελέσματα τής σφυγμομετρήσεως τής κοινής γνώμης είναι παραπλανητικά και δέν ανταποκρίνονται πρός τά πραγματικά αισθήματα τών Ελλήνων έναντι τών Ηνωμένων Πολιτειών. Είς τήν έρώτησιν «Ποία είναι ή γνώμη σας διά τάς Ηνωμένας Πολιτείας», τό 45% απήντησεν καλή, τό 31% μέτρια και τό 24% κακή.

Συνεχίζουν αί ερωτήσεις περί τών σχέσεων τής Ελλάδος με τάς Ηνωμένας Πολιτείας και τήν Σοβιετικήν Ένωσιν, τήν Αγγλίαν, τήν Γαλλίαν και τήν Δυτικήν Γερμανίαν.

Η ΚΑΛΥΤΕΡΗ τοποθέτησις τών χρημάτων είναι η απόκτησις ιδιοκτησίας.

Η σύνοδος τών εμπορευμάτων σημείωσεν σταθερότητα. Αι τιμαί διεμορφώθησαν ως ακολούθως: σιτάρι, κριθάρι, αραβόσιτος, βρώμη, βαμβάκι, ελαιόλαδον, σταφίδες, σύκα, οινόπνευμα και ζάχαρις.

ΤΟ ΧΡΗΜΑΤΙΣΤΗΡΙΟΝ ΤΩΝ ΕΜΠΟΡΕΥΜΑΤΩΝ

Η σύνοδος τών εμπορευμάτων σημείωσεν σταθερότητα. Αι τιμαί διεμορφώθησαν ως ακολούθως: σιτάρι, κριθάρι, αραβόσιτος, βρώμη, βαμβάκι, ελαιόλαδον, σταφίδες, σύκα, οινόπνευμα και ζάχαρις.

Η σύνοδος τών εμπορευμάτων σημείωσεν σταθερότητα. Αι τιμαί διεμορφώθησαν ως ακολούθως: σιτάρι, κριθάρι, αραβόσιτος, βρώμη, βαμβάκι, ελαιόλαδον, σταφίδες, σύκα, οινόπνευμα και ζάχαρις.

Η σύνοδος τών εμπορευμάτων σημείωσεν σταθερότητα. Αι τιμαί διεμορφώθησαν ως ακολούθως: σιτάρι, κριθάρι, αραβόσιτος, βρώμη, βαμβάκι, ελαιόλαδον, σταφίδες, σύκα, οινόπνευμα και ζάχαρις.

Η σύνοδος τών εμπορευμάτων σημείωσεν σταθερότητα. Αι τιμαί διεμορφώθησαν ως ακολούθως: σιτάρι, κριθάρι, αραβόσιτος, βρώμη, βαμβάκι, ελαιόλαδον, σταφίδες, σύκα, οινόπνευμα και ζάχαρις.

ΑΓΓΛΙΑ - ΓΙΟΥΓΚΟΣΛΑΒΙΑ

Η σύνοδος τών εμπορευμάτων σημείωσεν σταθερότητα. Αι τιμαί διεμορφώθησαν ως ακολούθως: σιτάρι, κριθάρι, αραβόσιτος, βρώμη, βαμβάκι, ελαιόλαδον, σταφίδες, σύκα, οινόπνευμα και ζάχαρις.

ΑΠΕΚΔΙΚΗΣΙΣ Η «ΚΑΝΤΖΕΣΤΕΡ»

Η σύνοδος τών εμπορευμάτων σημείωσεν σταθερότητα. Αι τιμαί διεμορφώθησαν ως ακολούθως: σιτάρι, κριθάρι, αραβόσιτος, βρώμη, βαμβάκι, ελαιόλαδον, σταφίδες, σύκα, οινόπνευμα και ζάχαρις.

Η σύνοδος τών εμπορευμάτων σημείωσεν σταθερότητα. Αι τιμαί διεμορφώθησαν ως ακολούθως: σιτάρι, κριθάρι, αραβόσιτος, βρώμη, βαμβάκι, ελαιόλαδον, σταφίδες, σύκα, οινόπνευμα και ζάχαρις.
